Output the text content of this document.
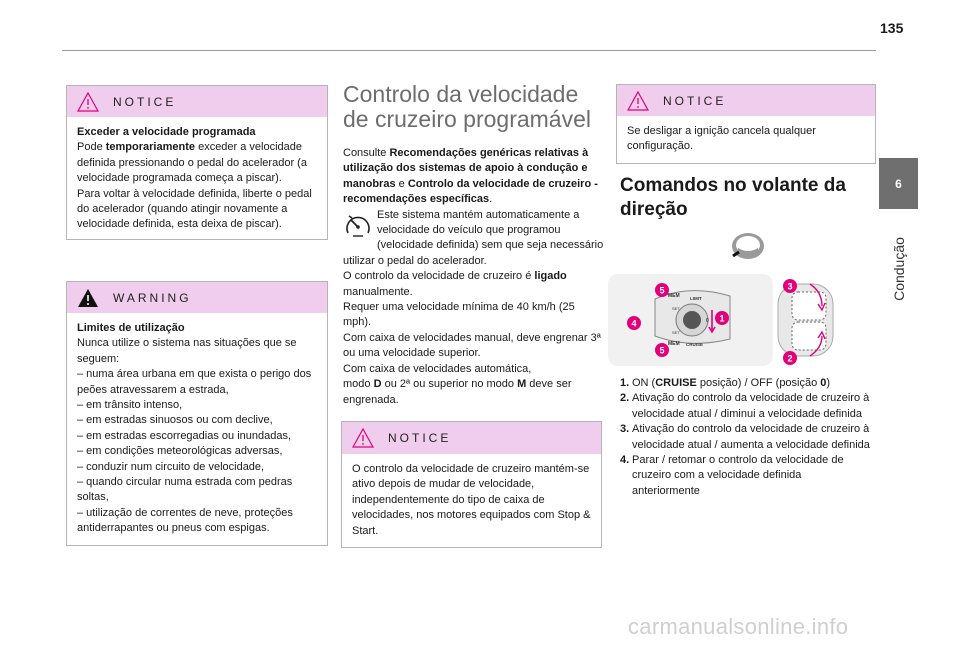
135
6
Condução
NOTICE

Exceder a velocidade programada

Pode temporariamente exceder a velocidade definida pressionando o pedal do acelerador (a velocidade programada começa a piscar).

Para voltar à velocidade definida, liberte o pedal do acelerador (quando atingir novamente a velocidade definida, esta deixa de piscar).

WARNING

Limites de utilização

Nunca utilize o sistema nas situações que se seguem:

– numa área urbana em que exista o perigo dos peões atravessarem a estrada,

– em trânsito intenso,

– em estradas sinuosos ou com declive,

– em estradas escorregadias ou inundadas,

– em condições meteorológicas adversas,

– conduzir num circuito de velocidade,

– quando circular numa estrada com pedras soltas,

– utilização de correntes de neve, proteções antiderrapantes ou pneus com espigas.

Controlo da velocidade de cruzeiro programável

Consulte Recomendações genéricas relativas à utilização dos sistemas de apoio à condução e manobras e Controlo da velocidade de cruzeiro - recomendações específicas.

Este sistema mantém automaticamente a velocidade do veículo que programou (velocidade definida) sem que seja necessário utilizar o pedal do acelerador.

O controlo da velocidade de cruzeiro é ligado manualmente.

Requer uma velocidade mínima de 40 km/h (25 mph).

Com caixa de velocidades manual, deve engrenar 3ª ou uma velocidade superior.

Com caixa de velocidades automática,

modo D ou 2ª ou superior no modo M deve ser engrenada.

NOTICE

O controlo da velocidade de cruzeiro mantém-se ativo depois de mudar de velocidade, independentemente do tipo de caixa de velocidades, nos motores equipados com Stop & Start.

NOTICE

Se desligar a ignição cancela qualquer configuração.

Comandos no volante da direção
MEM
MEM
SET
SET
LIMIT
CRUISE
0 1
2
3
4
5
5
1. ON (CRUISE posição) / OFF (posição 0)
2. Ativação do controlo da velocidade de cruzeiro à velocidade atual / diminui a velocidade definida
3. Ativação do controlo da velocidade de cruzeiro à velocidade atual / aumenta a velocidade definida
4. Parar / retomar o controlo da velocidade de cruzeiro com a velocidade definida anteriormente
carmanualsonline.info
